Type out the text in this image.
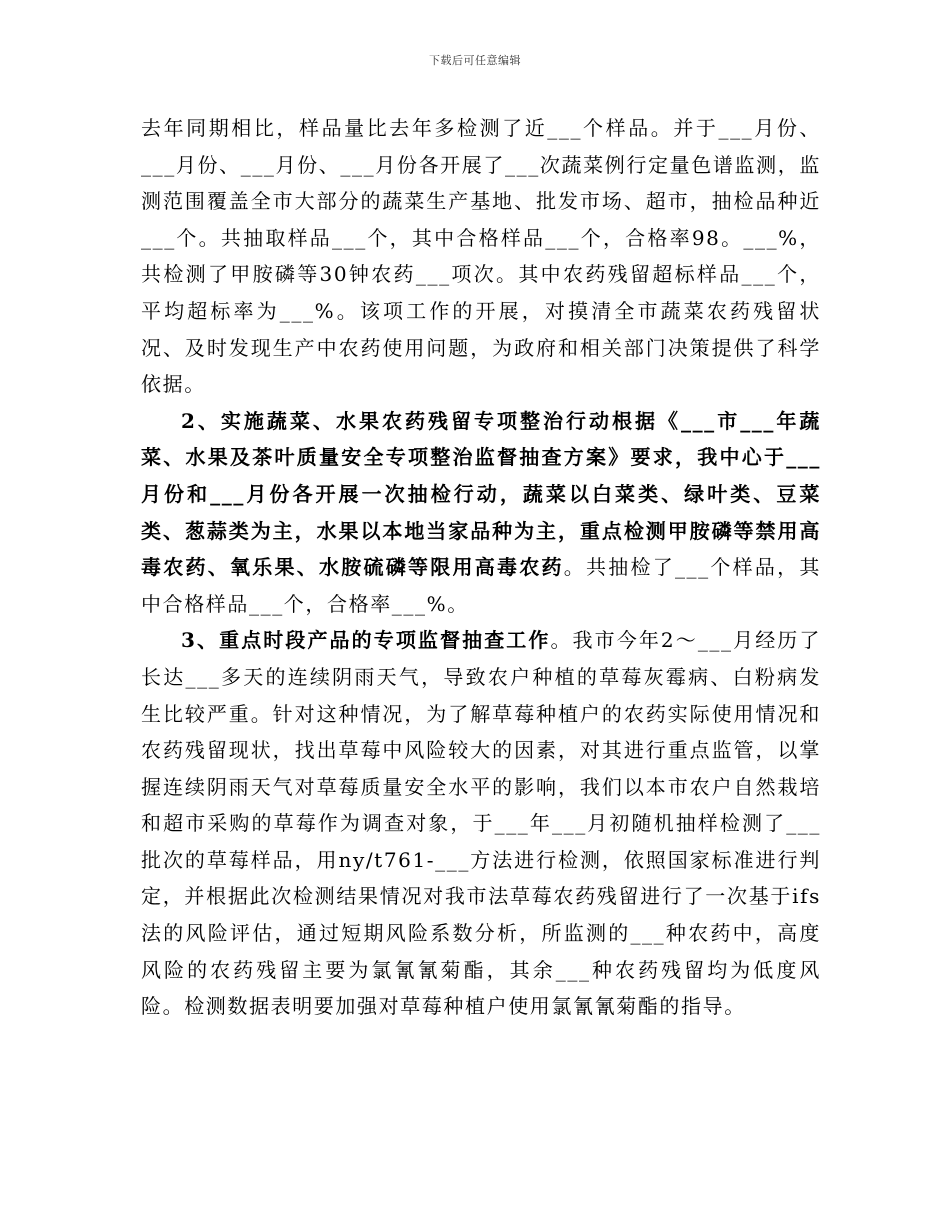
下载后可任意编辑

去年同期相比，样品量比去年多检测了近___个样品。并于___月份、___月份、___月份、___月份各开展了___次蔬菜例行定量色谱监测，监测范围覆盖全市大部分的蔬菜生产基地、批发市场、超市，抽检品种近___个。共抽取样品___个，其中合格样品___个，合格率98。___%，共检测了甲胺磷等30钟农药___项次。其中农药残留超标样品___个，平均超标率为___%。该项工作的开展，对摸清全市蔬菜农药残留状况、及时发现生产中农药使用问题，为政府和相关部门决策提供了科学依据。

2、实施蔬菜、水果农药残留专项整治行动根据《___市___年蔬菜、水果及茶叶质量安全专项整治监督抽查方案》要求，我中心于___月份和___月份各开展一次抽检行动，蔬菜以白菜类、绿叶类、豆菜类、葱蒜类为主，水果以本地当家品种为主，重点检测甲胺磷等禁用高毒农药、氧乐果、水胺硫磷等限用高毒农药。共抽检了___个样品，其中合格样品___个，合格率___%。

3、重点时段产品的专项监督抽查工作。我市今年2～___月经历了长达___多天的连续阴雨天气，导致农户种植的草莓灰霉病、白粉病发生比较严重。针对这种情况，为了解草莓种植户的农药实际使用情况和农药残留现状，找出草莓中风险较大的因素，对其进行重点监管，以掌握连续阴雨天气对草莓质量安全水平的影响，我们以本市农户自然栽培和超市采购的草莓作为调查对象，于___年___月初随机抽样检测了___批次的草莓样品，用ny/t761-___方法进行检测，依照国家标准进行判定，并根据此次检测结果情况对我市法草莓农药残留进行了一次基于ifs法的风险评估，通过短期风险系数分析，所监测的___种农药中，高度风险的农药残留主要为氯氰氰菊酯，其余___种农药残留均为低度风险。检测数据表明要加强对草莓种植户使用氯氰氰菊酯的指导。
